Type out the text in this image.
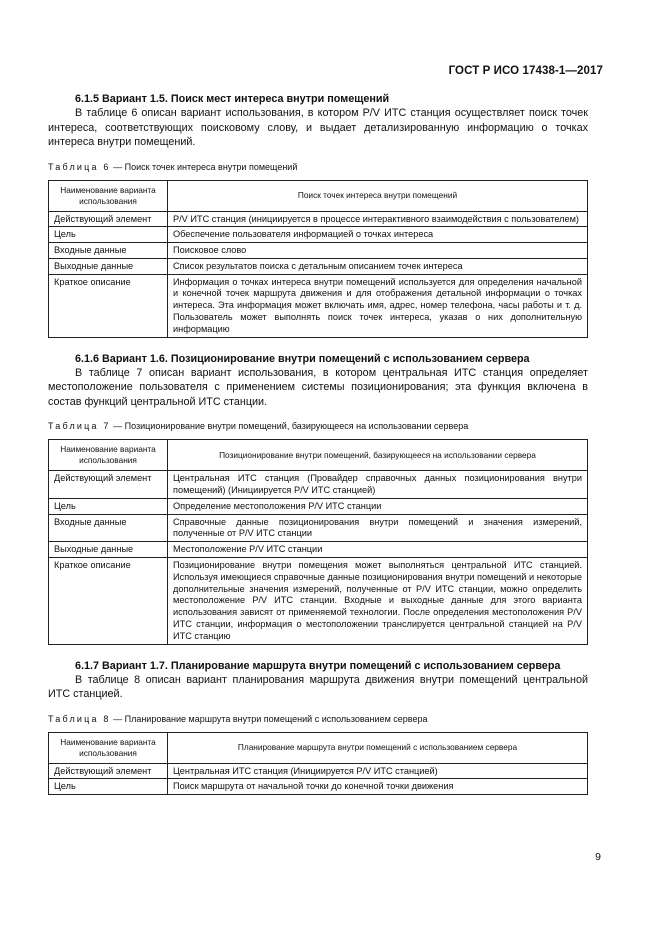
ГОСТ Р ИСО 17438-1—2017

6.1.5 Вариант 1.5. Поиск мест интереса внутри помещений

В таблице 6 описан вариант использования, в котором Р/V ИТС станция осуществляет поиск точек интереса, соответствующих поисковому слову, и выдает детализированную информацию о точках интереса внутри помещений.

Таблица 6 — Поиск точек интереса внутри помещений
Наименование варианта использования	Поиск точек интереса внутри помещений
Действующий элемент	Р/V ИТС станция (инициируется в процессе интерактивного взаимодействия с пользователем)
Цель	Обеспечение пользователя информацией о точках интереса
Входные данные	Поисковое слово
Выходные данные	Список результатов поиска с детальным описанием точек интереса
Краткое описание	Информация о точках интереса внутри помещений используется для определения начальной и конечной точек маршрута движения и для отображения детальной информации о точках интереса. Эта информация может включать имя, адрес, номер телефона, часы работы и т. д. Пользователь может выполнять поиск точек интереса, указав о них дополнительную информацию

6.1.6 Вариант 1.6. Позиционирование внутри помещений с использованием сервера

В таблице 7 описан вариант использования, в котором центральная ИТС станция определяет местоположение пользователя с применением системы позиционирования; эта функция включена в состав функций центральной ИТС станции.

Таблица 7 — Позиционирование внутри помещений, базирующееся на использовании сервера
Наименование варианта использования	Позиционирование внутри помещений, базирующееся на использовании сервера
Действующий элемент	Центральная ИТС станция (Провайдер справочных данных позиционирования внутри помещений) (Инициируется Р/V ИТС станцией)
Цель	Определение местоположения Р/V ИТС станции
Входные данные	Справочные данные позиционирования внутри помещений и значения измерений, полученные от Р/V ИТС станции
Выходные данные	Местоположение Р/V ИТС станции
Краткое описание	Позиционирование внутри помещения может выполняться центральной ИТС станцией. Используя имеющиеся справочные данные позиционирования внутри помещений и некоторые дополнительные значения измерений, полученные от Р/V ИТС станции, можно определить местоположение Р/V ИТС станции. Входные и выходные данные для этого варианта использования зависят от применяемой технологии. После определения местоположения Р/V ИТС станции, информация о местоположении транслируется центральной станцией на Р/V ИТС станцию

6.1.7 Вариант 1.7. Планирование маршрута внутри помещений с использованием сервера

В таблице 8 описан вариант планирования маршрута движения внутри помещений центральной ИТС станцией.

Таблица 8 — Планирование маршрута внутри помещений с использованием сервера
Наименование варианта использования	Планирование маршрута внутри помещений с использованием сервера
Действующий элемент	Центральная ИТС станция (Инициируется Р/V ИТС станцией)
Цель	Поиск маршрута от начальной точки до конечной точки движения
9
